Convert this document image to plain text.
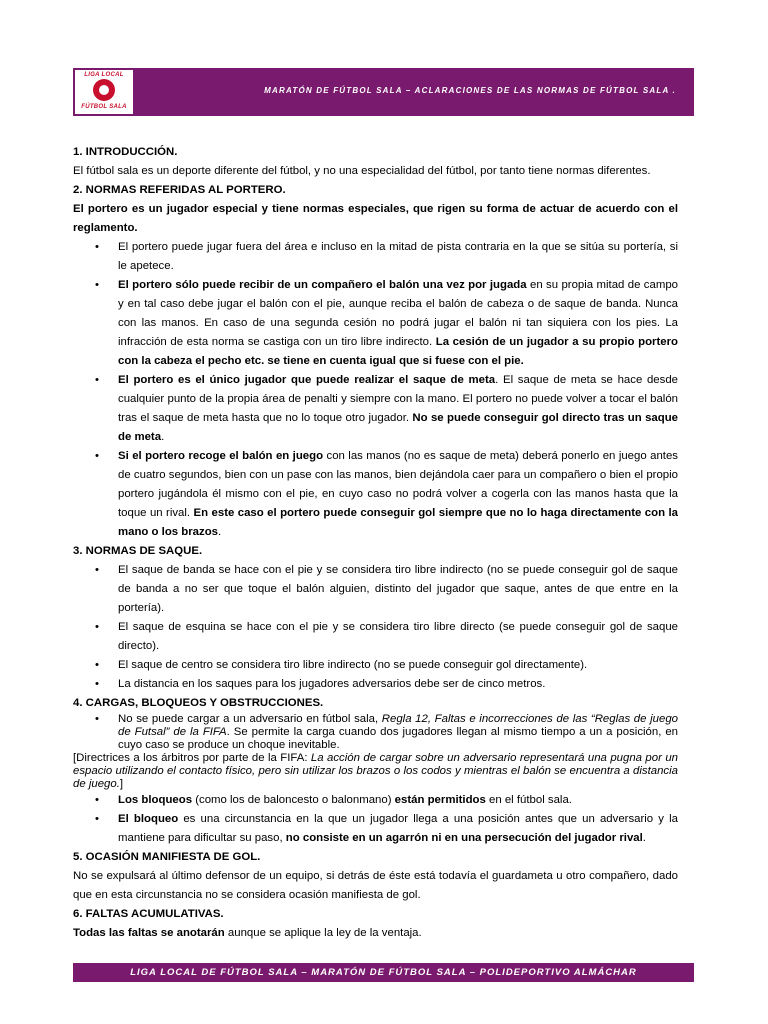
LIGA LOCAL
FÚTBOL SALA
MARATÓN DE FÚTBOL SALA – ACLARACIONES DE LAS NORMAS DE FÚTBOL SALA .

1. INTRODUCCIÓN.

El fútbol sala es un deporte diferente del fútbol, y no una especialidad del fútbol, por tanto tiene normas diferentes.

2. NORMAS REFERIDAS AL PORTERO.

El portero es un jugador especial y tiene normas especiales, que rigen su forma de actuar de acuerdo con el reglamento.

• El portero puede jugar fuera del área e incluso en la mitad de pista contraria en la que se sitúa su portería, si le apetece.

• El portero sólo puede recibir de un compañero el balón una vez por jugada en su propia mitad de campo y en tal caso debe jugar el balón con el pie, aunque reciba el balón de cabeza o de saque de banda. Nunca con las manos. En caso de una segunda cesión no podrá jugar el balón ni tan siquiera con los pies. La infracción de esta norma se castiga con un tiro libre indirecto. La cesión de un jugador a su propio portero con la cabeza el pecho etc. se tiene en cuenta igual que si fuese con el pie.

• El portero es el único jugador que puede realizar el saque de meta. El saque de meta se hace desde cualquier punto de la propia área de penalti y siempre con la mano. El portero no puede volver a tocar el balón tras el saque de meta hasta que no lo toque otro jugador. No se puede conseguir gol directo tras un saque de meta.

• Si el portero recoge el balón en juego con las manos (no es saque de meta) deberá ponerlo en juego antes de cuatro segundos, bien con un pase con las manos, bien dejándola caer para un compañero o bien el propio portero jugándola él mismo con el pie, en cuyo caso no podrá volver a cogerla con las manos hasta que la toque un rival. En este caso el portero puede conseguir gol siempre que no lo haga directamente con la mano o los brazos.

3. NORMAS DE SAQUE.

• El saque de banda se hace con el pie y se considera tiro libre indirecto (no se puede conseguir gol de saque de banda a no ser que toque el balón alguien, distinto del jugador que saque, antes de que entre en la portería).

• El saque de esquina se hace con el pie y se considera tiro libre directo (se puede conseguir gol de saque directo).

• El saque de centro se considera tiro libre indirecto (no se puede conseguir gol directamente).

• La distancia en los saques para los jugadores adversarios debe ser de cinco metros.

4. CARGAS, BLOQUEOS Y OBSTRUCCIONES.

• No se puede cargar a un adversario en fútbol sala, Regla 12, Faltas e incorrecciones de las “Reglas de juego de Futsal” de la FIFA. Se permite la carga cuando dos jugadores llegan al mismo tiempo a un a posición, en cuyo caso se produce un choque inevitable.

[Directrices a los árbitros por parte de la FIFA: La acción de cargar sobre un adversario representará una pugna por un espacio utilizando el contacto físico, pero sin utilizar los brazos o los codos y mientras el balón se encuentra a distancia de juego.]

• Los bloqueos (como los de baloncesto o balonmano) están permitidos en el fútbol sala.

• El bloqueo es una circunstancia en la que un jugador llega a una posición antes que un adversario y la mantiene para dificultar su paso, no consiste en un agarrón ni en una persecución del jugador rival.

5. OCASIÓN MANIFIESTA DE GOL.

No se expulsará al último defensor de un equipo, si detrás de éste está todavía el guardameta u otro compañero, dado que en esta circunstancia no se considera ocasión manifiesta de gol.

6. FALTAS ACUMULATIVAS.

Todas las faltas se anotarán aunque se aplique la ley de la ventaja.

LIGA LOCAL DE FÚTBOL SALA – MARATÓN DE FÚTBOL SALA – POLIDEPORTIVO ALMÁCHAR
